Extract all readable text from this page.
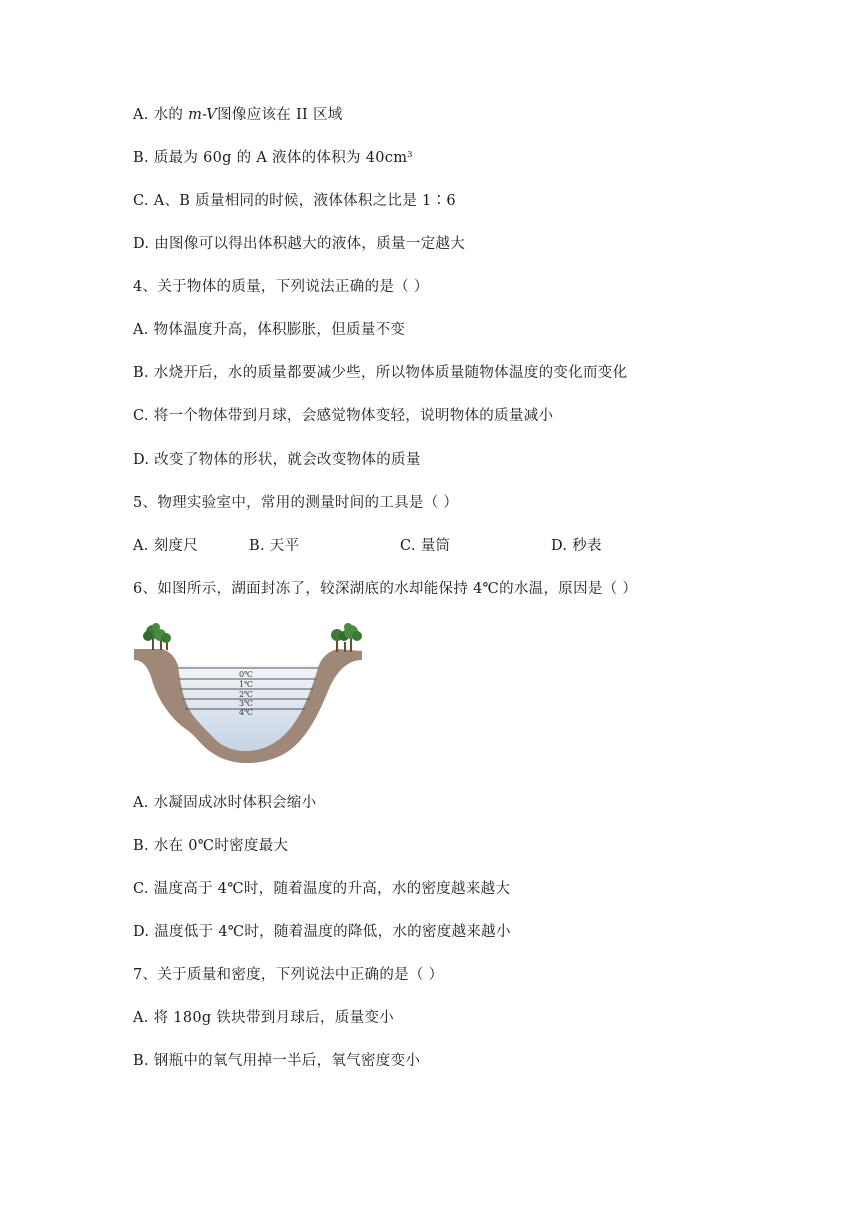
A. 水的 m-V图像应该在 II 区域
B. 质最为 60g 的 A 液体的体积为 $40cm^3$
C. A、B 质量相同的时候，液体体积之比是 1∶6
D. 由图像可以得出体积越大的液体，质量一定越大
4、关于物体的质量，下列说法正确的是（ ）
A. 物体温度升高，体积膨胀，但质量不变
B. 水烧开后，水的质量都要减少些，所以物体质量随物体温度的变化而变化
C. 将一个物体带到月球，会感觉物体变轻，说明物体的质量减小
D. 改变了物体的形状，就会改变物体的质量
5、物理实验室中，常用的测量时间的工具是（ ）
A. 刻度尺	B. 天平	C. 量筒	D. 秒表
6、如图所示，湖面封冻了，较深湖底的水却能保持 4℃的水温，原因是（ ）
0℃
1℃
2℃
3℃
4℃
A. 水凝固成冰时体积会缩小
B. 水在 0℃时密度最大
C. 温度高于 4℃时，随着温度的升高，水的密度越来越大
D. 温度低于 4℃时，随着温度的降低，水的密度越来越小
7、关于质量和密度，下列说法中正确的是（ ）
A. 将 180g 铁块带到月球后，质量变小
B. 钢瓶中的氧气用掉一半后，氧气密度变小
